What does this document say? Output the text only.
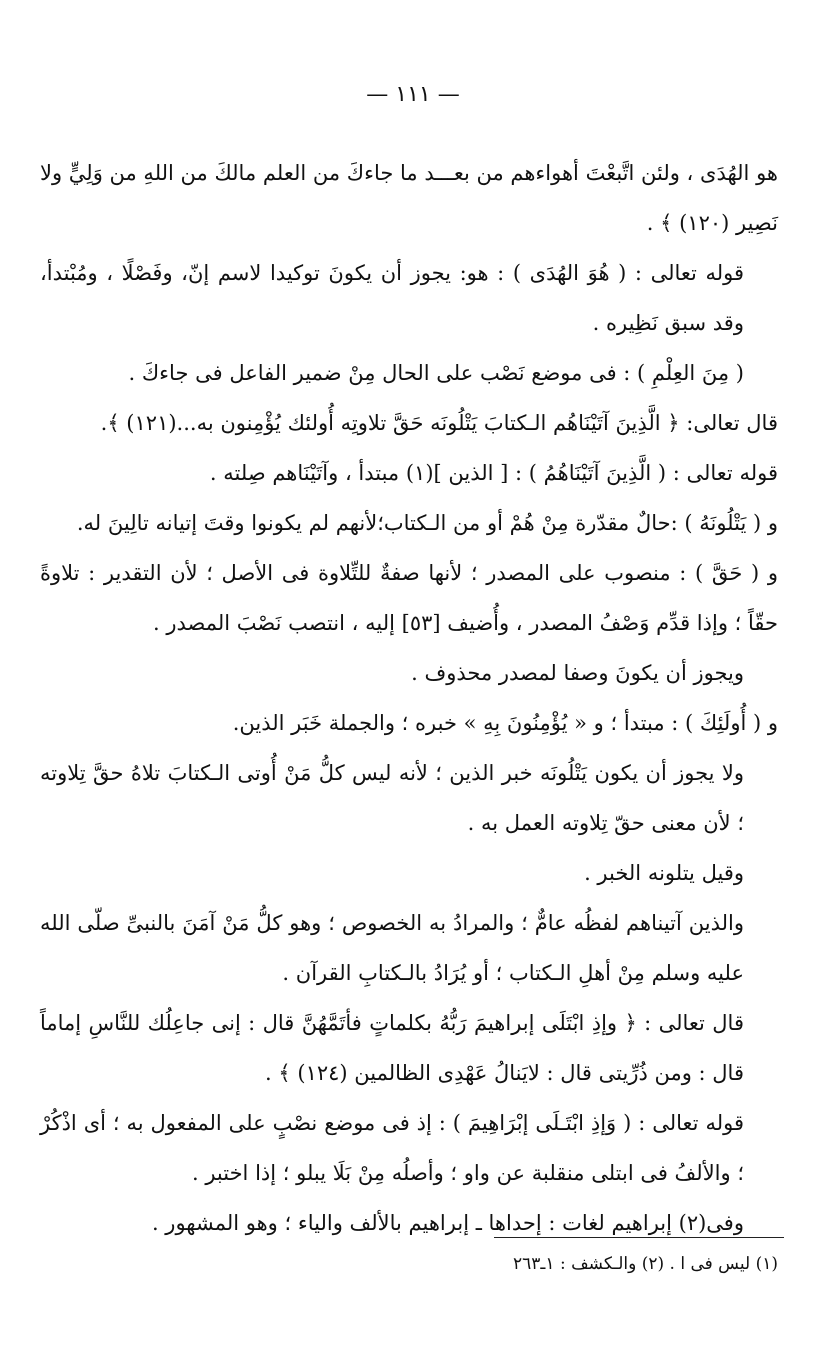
— ١١١ —

هو الهُدَى ، ولئن اتَّبعْتَ أهواءهم من بعـــد ما جاءكَ من العلم مالكَ من اللهِ من وَلِيٍّ ولا نَصِير (١٢٠) ﴾ .

قوله تعالى : ( هُوَ الهُدَى ) : هو: يجوز أن يكونَ توكيدا لاسم إنّ، وفَصْلًا ، ومُبْتدأ، وقد سبق نَظِيره .

( مِنَ العِلْمِ ) : فى موضع نَصْب على الحال مِنْ ضمير الفاعل فى جاءكَ .

قال تعالى: ﴿ الَّذِينَ آتَيْنَاهُم الـكتابَ يَتْلُونَه حَقَّ تلاوتِه أُولئك يُؤْمِنون به...(١٢١) ﴾.

قوله تعالى : ( الَّذِينَ آتَيْنَاهُمُ ) : [ الذين ](١) مبتدأ ، وآتَيْنَاهم صِلته .

و ( يَتْلُونَهُ ) :حالٌ مقدّرة مِنْ هُمْ أو من الـكتاب؛لأنهم لم يكونوا وقتَ إتيانه تالِينَ له.

و ( حَقَّ ) : منصوب على المصدر ؛ لأنها صفةٌ للتِّلاوة فى الأصل ؛ لأن التقدير : تلاوةً حقّاً ؛ وإذا قدِّم وَصْفُ المصدر ، وأُضيف [٥٣] إليه ، انتصب نَصْبَ المصدر .

ويجوز أن يكونَ وصفا لمصدر محذوف .

و ( أُولَئِكَ ) : مبتدأ ؛ و « يُؤْمِنُونَ بِهِ » خبره ؛ والجملة خَبَر الذين.

ولا يجوز أن يكون يَتْلُونَه خبر الذين ؛ لأنه ليس كلُّ مَنْ أُوتى الـكتابَ تلاهُ حقَّ تِلاوته ؛ لأن معنى حقّ تِلاوته العمل به .

وقيل يتلونه الخبر .

والذين آتيناهم لفظُه عامٌّ ؛ والمرادُ به الخصوص ؛ وهو كلُّ مَنْ آمَنَ بالنبىِّ صلّى الله عليه وسلم مِنْ أهلِ الـكتاب ؛ أو يُرَادُ بالـكتابِ القرآن .

قال تعالى : ﴿ وإذِ ابْتَلَى إبراهيمَ رَبُّهُ بكلماتٍ فأتَمَّهُنَّ قال : إنى جاعِلُك للنَّاسِ إماماً قال : ومن ذُرِّيتى قال : لايَنالُ عَهْدِى الظالمين (١٢٤) ﴾ .

قوله تعالى : ( وَإذِ ابْتَـلَى إبْرَاهِيمَ ) : إذ فى موضع نصْبٍ على المفعول به ؛ أى اذْكُرْ ؛ والألفُ فى ابتلى منقلبة عن واو ؛ وأصلُه مِنْ بَلَا يبلو ؛ إذا اختبر .

وفى(٢) إبراهيم لغات : إحداها ـ إبراهيم بالألف والياء ؛ وهو المشهور .

(١) ليس فى ا . (٢) والـكشف : ١ـ٢٦٣
